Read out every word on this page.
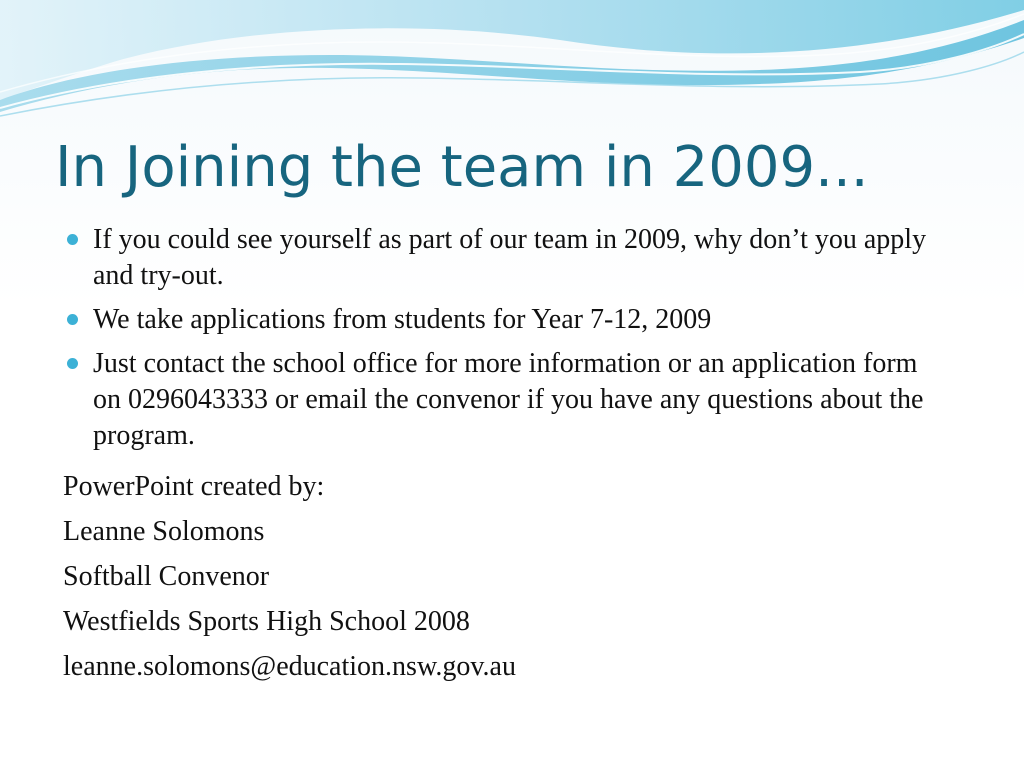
In Joining the team in 2009...
If you could see yourself as part of our team in 2009, why don’t you apply and try-out.
We take applications from students for Year 7-12, 2009
Just contact the school office for more information or an application form on 0296043333 or email the convenor if you have any questions about the program.
PowerPoint created by:
Leanne Solomons
Softball Convenor
Westfields Sports High School 2008
leanne.solomons@education.nsw.gov.au
